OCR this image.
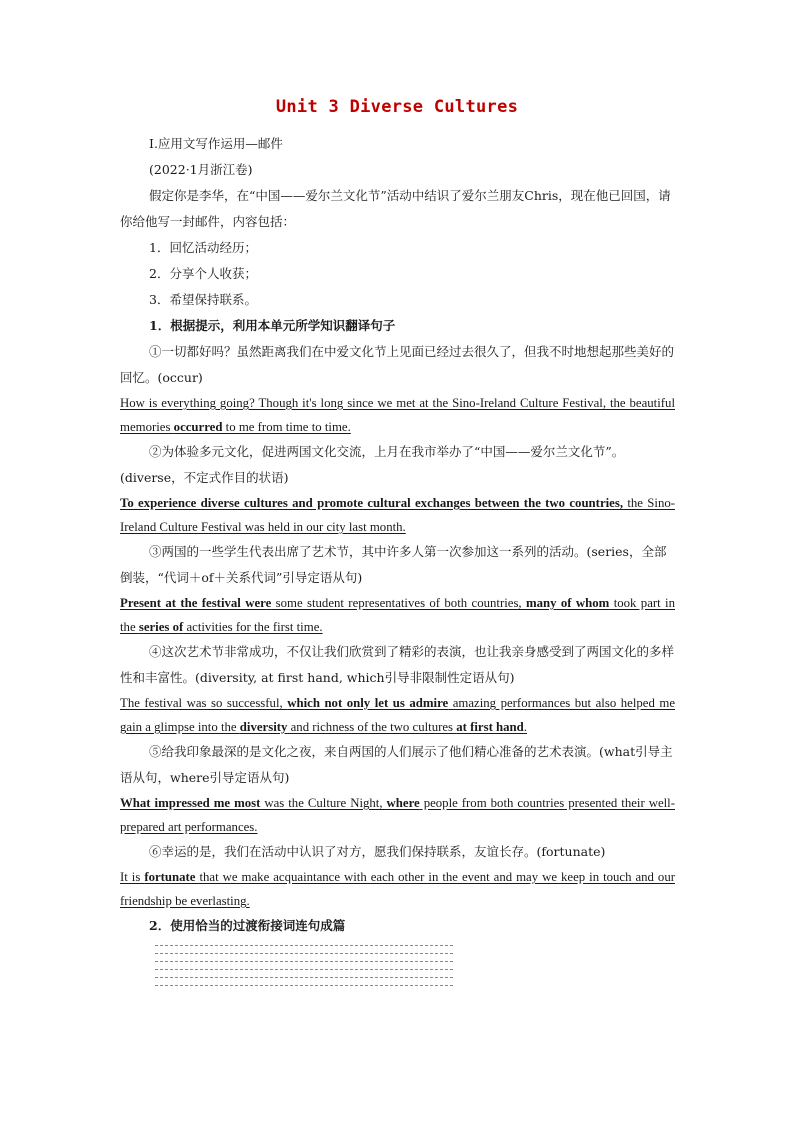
Unit 3 Diverse Cultures

Ⅰ.应用文写作运用—邮件

(2022·1月浙江卷)

假定你是李华，在“中国——爱尔兰文化节”活动中结识了爱尔兰朋友Chris，现在他已回国，请你给他写一封邮件，内容包括：

1．回忆活动经历；

2．分享个人收获；

3．希望保持联系。

1．根据提示，利用本单元所学知识翻译句子

①一切都好吗？虽然距离我们在中爱文化节上见面已经过去很久了，但我不时地想起那些美好的回忆。(occur)

How is everything going? Though it's long since we met at the Sino-Ireland Culture Festival, the beautiful memories occurred to me from time to time.

②为体验多元文化，促进两国文化交流，上月在我市举办了“中国——爱尔兰文化节”。(diverse，不定式作目的状语)

To experience diverse cultures and promote cultural exchanges between the two countries, the Sino-Ireland Culture Festival was held in our city last month.

③两国的一些学生代表出席了艺术节，其中许多人第一次参加这一系列的活动。(series，全部倒装，“代词＋of＋关系代词”引导定语从句)

Present at the festival were some student representatives of both countries, many of whom took part in the series of activities for the first time.

④这次艺术节非常成功，不仅让我们欣赏到了精彩的表演，也让我亲身感受到了两国文化的多样性和丰富性。(diversity, at first hand, which引导非限制性定语从句)

The festival was so successful, which not only let us admire amazing performances but also helped me gain a glimpse into the diversity and richness of the two cultures at first hand.

⑤给我印象最深的是文化之夜，来自两国的人们展示了他们精心准备的艺术表演。(what引导主语从句，where引导定语从句)

What impressed me most was the Culture Night, where people from both countries presented their well-prepared art performances.

⑥幸运的是，我们在活动中认识了对方，愿我们保持联系，友谊长存。(fortunate)

It is fortunate that we make acquaintance with each other in the event and may we keep in touch and our friendship be everlasting.

2．使用恰当的过渡衔接词连句成篇
